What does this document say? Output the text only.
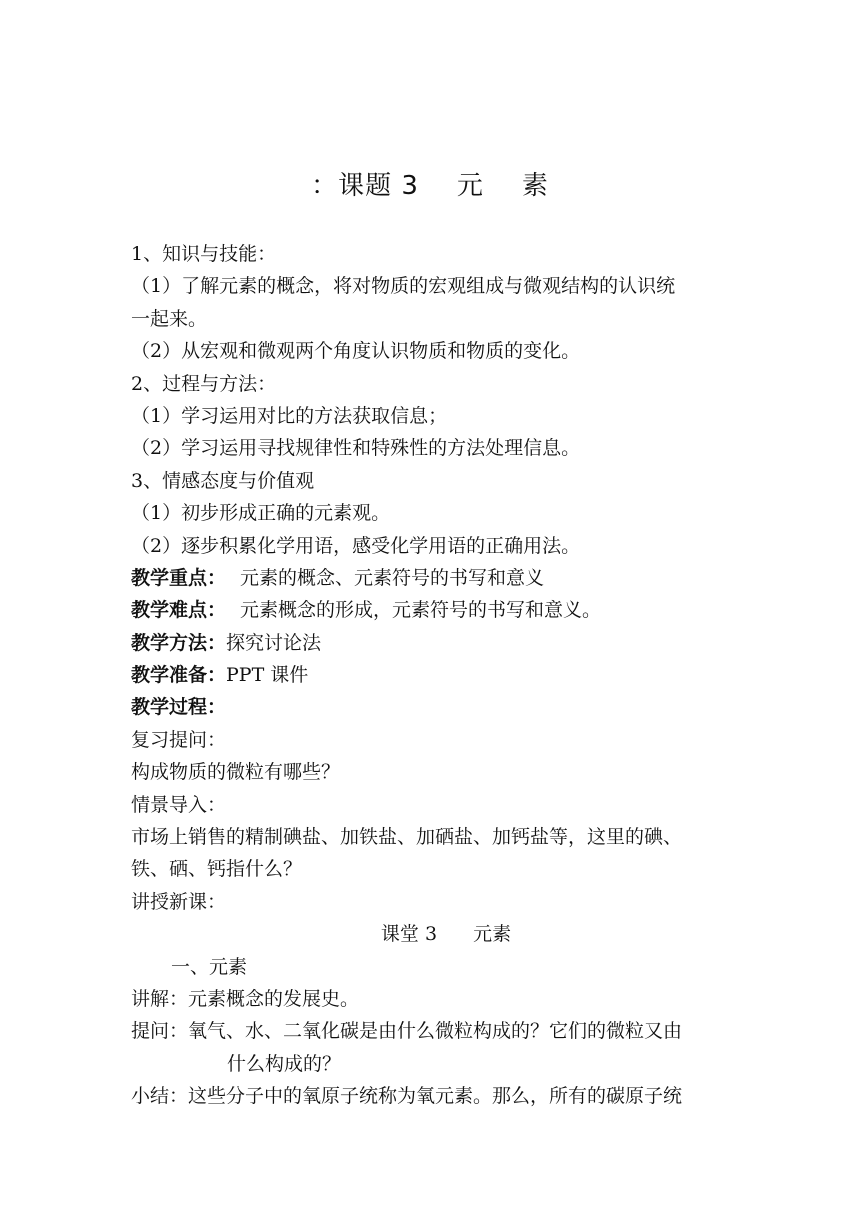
：课题 3 元 素
1、知识与技能：
（1）了解元素的概念，将对物质的宏观组成与微观结构的认识统
一起来。
（2）从宏观和微观两个角度认识物质和物质的变化。
2、过程与方法：
（1）学习运用对比的方法获取信息；
（2）学习运用寻找规律性和特殊性的方法处理信息。
3、情感态度与价值观
（1）初步形成正确的元素观。
（2）逐步积累化学用语，感受化学用语的正确用法。
教学重点： 元素的概念、元素符号的书写和意义
教学难点： 元素概念的形成，元素符号的书写和意义。
教学方法：探究讨论法
教学准备：PPT 课件
教学过程：
复习提问：
构成物质的微粒有哪些？
情景导入：
市场上销售的精制碘盐、加铁盐、加硒盐、加钙盐等，这里的碘、
铁、硒、钙指什么？
讲授新课：
课堂 3 元素
一、元素
讲解：元素概念的发展史。
提问：氧气、水、二氧化碳是由什么微粒构成的？它们的微粒又由
什么构成的？
小结：这些分子中的氧原子统称为氧元素。那么，所有的碳原子统
